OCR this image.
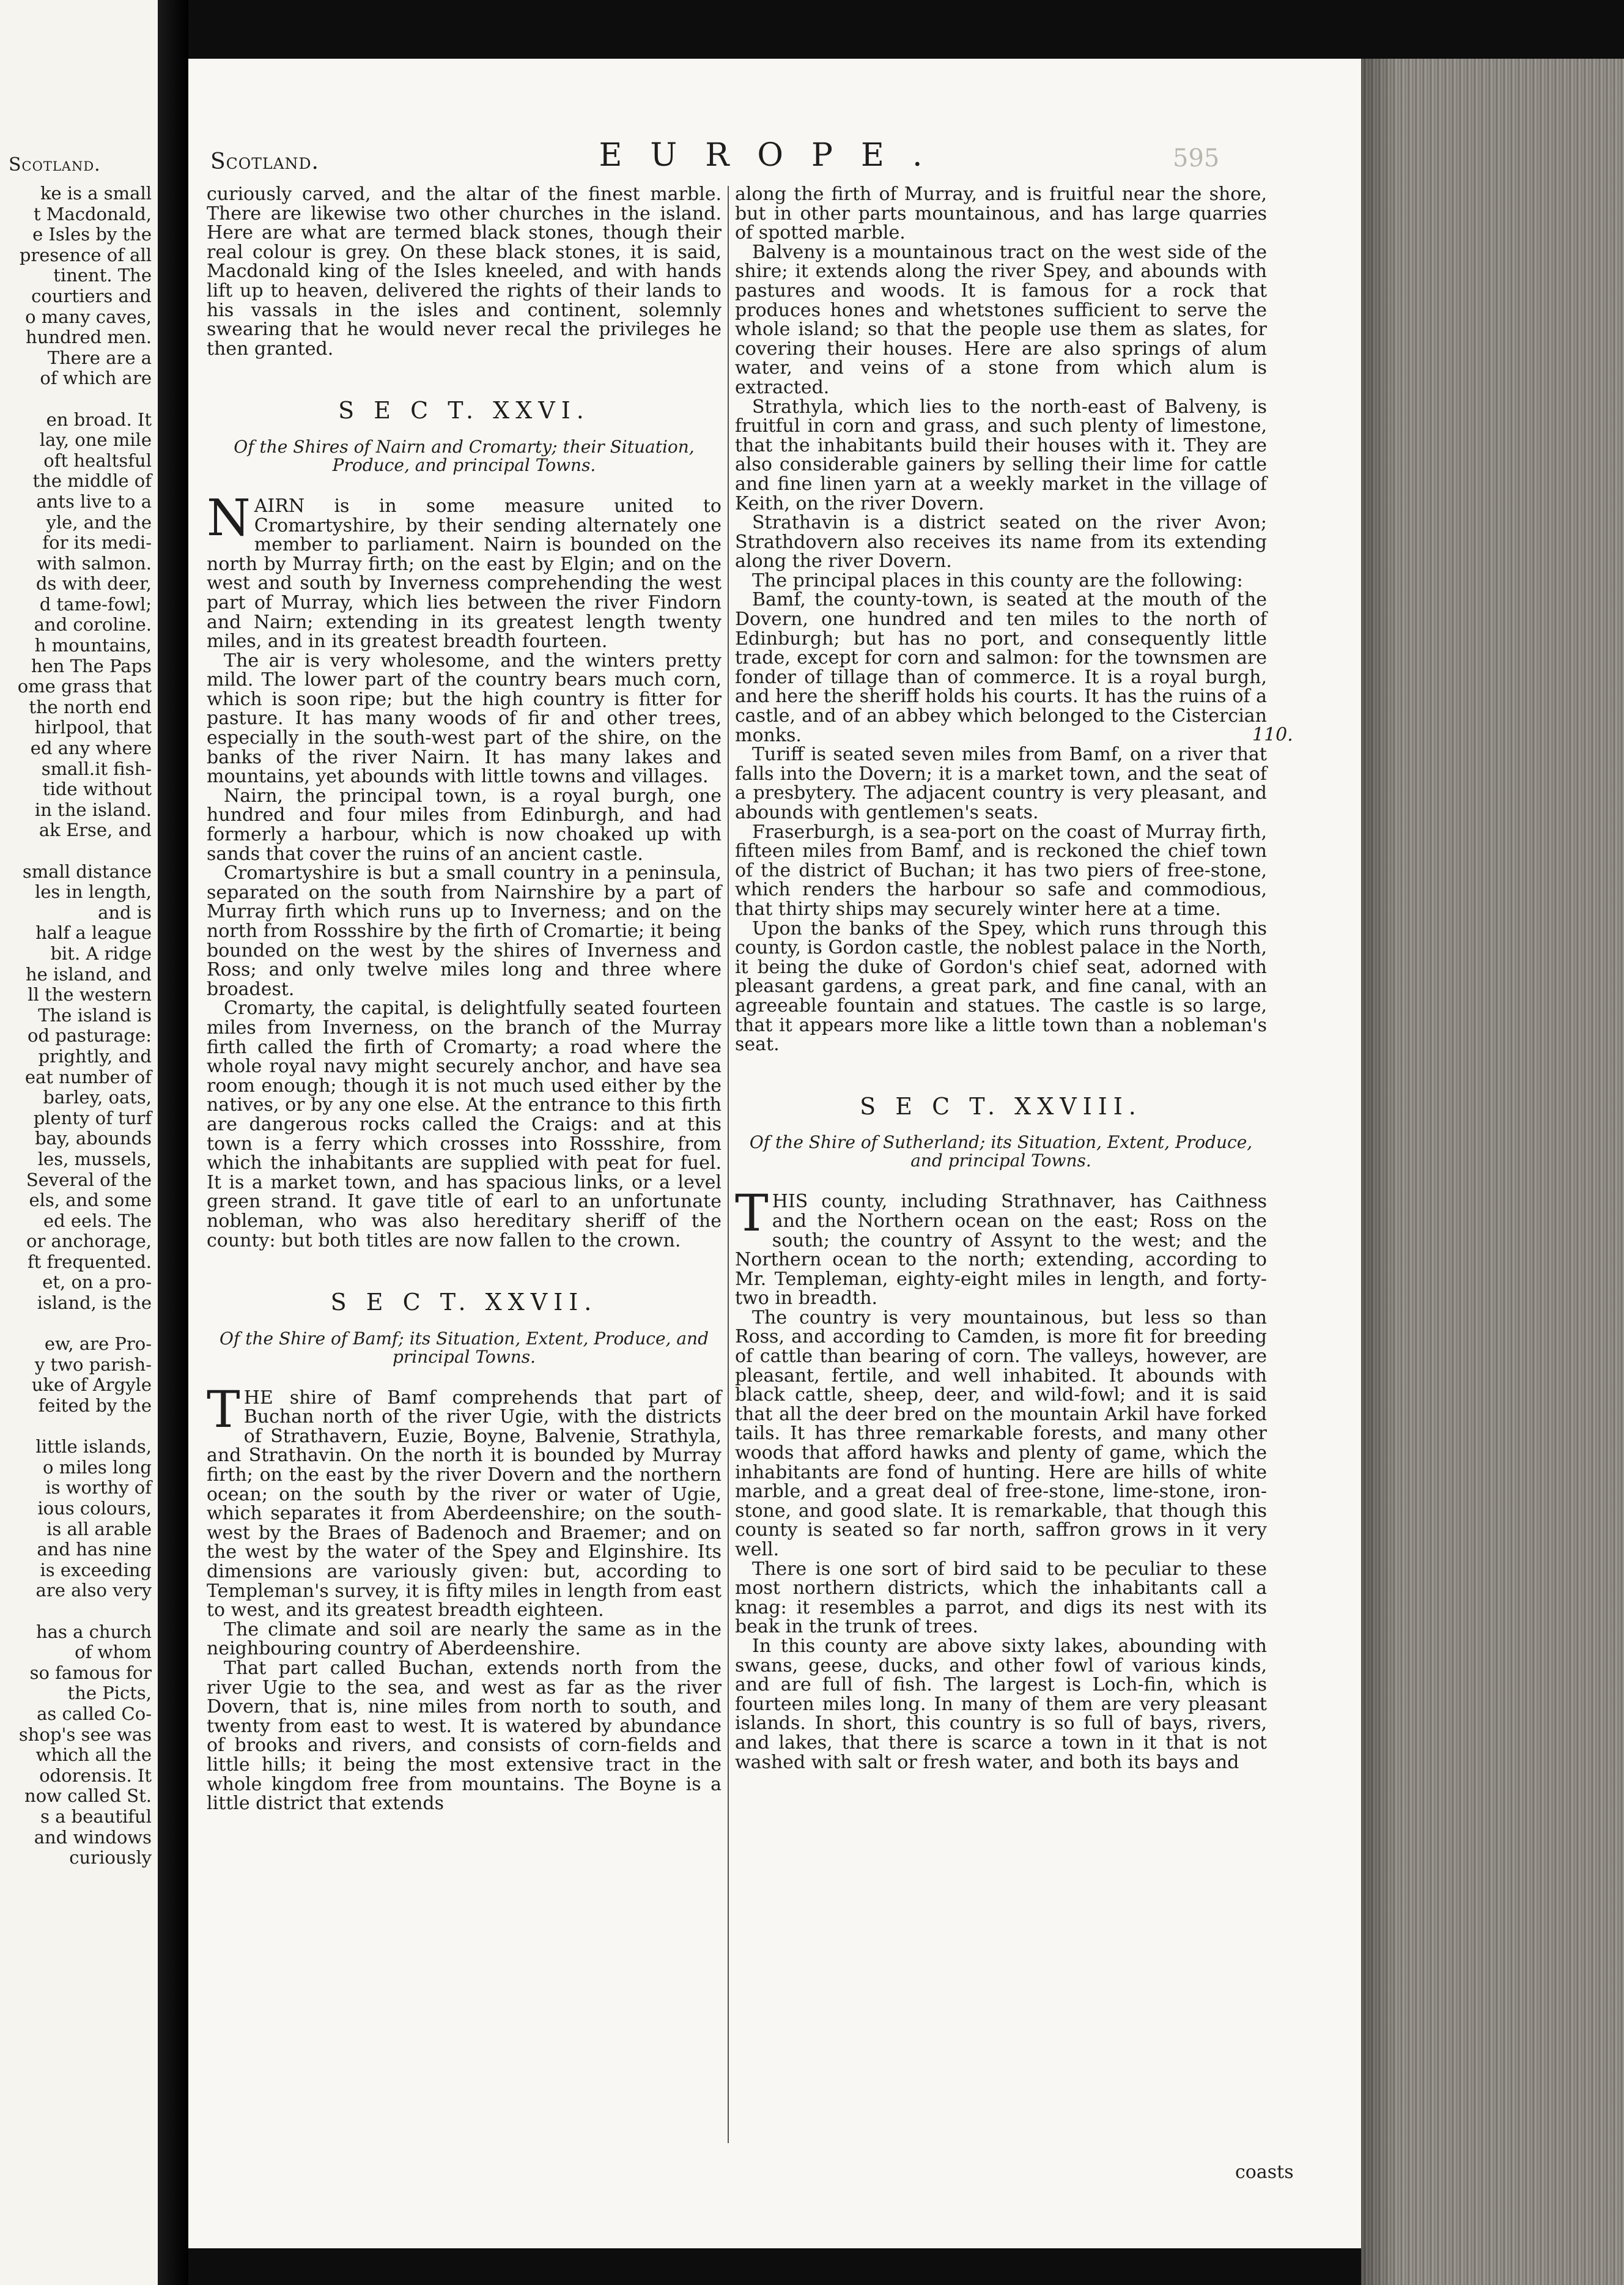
Scotland.
ke is a small
t Macdonald,
e Isles by the
presence of all
tinent. The
courtiers and
o many caves,
hundred men.
There are a
of which are
en broad. It
lay, one mile
oft healtsful
the middle of
ants live to a
yle, and the
for its medi-
with salmon.
ds with deer,
d tame-fowl;
and coroline.
h mountains,
hen The Paps
ome grass that
the north end
hirlpool, that
ed any where
small.it fish-
tide without
in the island.
ak Erse, and
small distance
les in length,
and is
half a league
bit. A ridge
he island, and
ll the western
The island is
od pasturage:
prightly, and
eat number of
barley, oats,
plenty of turf
bay, abounds
les, mussels,
Several of the
els, and some
ed eels. The
or anchorage,
ft frequented.
et, on a pro-
island, is the
ew, are Pro-
y two parish-
uke of Argyle
feited by the
little islands,
o miles long
is worthy of
ious colours,
is all arable
and has nine
is exceeding
are also very
has a church
of whom
so famous for
the Picts,
as called Co-
shop's see was
which all the
odorensis. It
now called St.
s a beautiful
and windows
curiously
Scotland.	EUROPE.	595

curiously carved, and the altar of the finest marble. There are likewise two other churches in the island. Here are what are termed black stones, though their real colour is grey. On these black stones, it is said, Macdonald king of the Isles kneeled, and with hands lift up to heaven, delivered the rights of their lands to his vassals in the isles and continent, solemnly swearing that he would never recal the privileges he then granted.

S E C T. XXVI.
Of the Shires of Nairn and Cromarty; their Situation, Produce, and principal Towns.

NAIRN is in some measure united to Cromartyshire, by their sending alternately one member to parliament. Nairn is bounded on the north by Murray firth; on the east by Elgin; and on the west and south by Inverness comprehending the west part of Murray, which lies between the river Findorn and Nairn; extending in its greatest length twenty miles, and in its greatest breadth fourteen.

The air is very wholesome, and the winters pretty mild. The lower part of the country bears much corn, which is soon ripe; but the high country is fitter for pasture. It has many woods of fir and other trees, especially in the south-west part of the shire, on the banks of the river Nairn. It has many lakes and mountains, yet abounds with little towns and villages.

Nairn, the principal town, is a royal burgh, one hundred and four miles from Edinburgh, and had formerly a harbour, which is now choaked up with sands that cover the ruins of an ancient castle.

Cromartyshire is but a small country in a peninsula, separated on the south from Nairnshire by a part of Murray firth which runs up to Inverness; and on the north from Rossshire by the firth of Cromartie; it being bounded on the west by the shires of Inverness and Ross; and only twelve miles long and three where broadest.

Cromarty, the capital, is delightfully seated fourteen miles from Inverness, on the branch of the Murray firth called the firth of Cromarty; a road where the whole royal navy might securely anchor, and have sea room enough; though it is not much used either by the natives, or by any one else. At the entrance to this firth are dangerous rocks called the Craigs: and at this town is a ferry which crosses into Rossshire, from which the inhabitants are supplied with peat for fuel. It is a market town, and has spacious links, or a level green strand. It gave title of earl to an unfortunate nobleman, who was also hereditary sheriff of the county: but both titles are now fallen to the crown.

S E C T. XXVII.
Of the Shire of Bamf; its Situation, Extent, Produce, and principal Towns.

THE shire of Bamf comprehends that part of Buchan north of the river Ugie, with the districts of Strathavern, Euzie, Boyne, Balvenie, Strathyla, and Strathavin. On the north it is bounded by Murray firth; on the east by the river Dovern and the northern ocean; on the south by the river or water of Ugie, which separates it from Aberdeenshire; on the south-west by the Braes of Badenoch and Braemer; and on the west by the water of the Spey and Elginshire. Its dimensions are variously given: but, according to Templeman's survey, it is fifty miles in length from east to west, and its greatest breadth eighteen.

The climate and soil are nearly the same as in the neighbouring country of Aberdeenshire.

That part called Buchan, extends north from the river Ugie to the sea, and west as far as the river Dovern, that is, nine miles from north to south, and twenty from east to west. It is watered by abundance of brooks and rivers, and consists of corn-fields and little hills; it being the most extensive tract in the whole kingdom free from mountains. The Boyne is a little district that extends

along the firth of Murray, and is fruitful near the shore, but in other parts mountainous, and has large quarries of spotted marble.

Balveny is a mountainous tract on the west side of the shire; it extends along the river Spey, and abounds with pastures and woods. It is famous for a rock that produces hones and whetstones sufficient to serve the whole island; so that the people use them as slates, for covering their houses. Here are also springs of alum water, and veins of a stone from which alum is extracted.

Strathyla, which lies to the north-east of Balveny, is fruitful in corn and grass, and such plenty of limestone, that the inhabitants build their houses with it. They are also considerable gainers by selling their lime for cattle and fine linen yarn at a weekly market in the village of Keith, on the river Dovern.

Strathavin is a district seated on the river Avon; Strathdovern also receives its name from its extending along the river Dovern.

The principal places in this county are the following:

Bamf, the county-town, is seated at the mouth of the Dovern, one hundred and ten miles to the north of Edinburgh; but has no port, and consequently little trade, except for corn and salmon: for the townsmen are fonder of tillage than of commerce. It is a royal burgh, and here the sheriff holds his courts. It has the ruins of a castle, and of an abbey which belonged to the Cistercian monks.

Turiff is seated seven miles from Bamf, on a river that falls into the Dovern; it is a market town, and the seat of a presbytery. The adjacent country is very pleasant, and abounds with gentlemen's seats.

Fraserburgh, is a sea-port on the coast of Murray firth, fifteen miles from Bamf, and is reckoned the chief town of the district of Buchan; it has two piers of free-stone, which renders the harbour so safe and commodious, that thirty ships may securely winter here at a time.

Upon the banks of the Spey, which runs through this county, is Gordon castle, the noblest palace in the North, it being the duke of Gordon's chief seat, adorned with pleasant gardens, a great park, and fine canal, with an agreeable fountain and statues. The castle is so large, that it appears more like a little town than a nobleman's seat.

S E C T. XXVIII.
Of the Shire of Sutherland; its Situation, Extent, Produce, and principal Towns.

THIS county, including Strathnaver, has Caithness and the Northern ocean on the east; Ross on the south; the country of Assynt to the west; and the Northern ocean to the north; extending, according to Mr. Templeman, eighty-eight miles in length, and forty-two in breadth.

The country is very mountainous, but less so than Ross, and according to Camden, is more fit for breeding of cattle than bearing of corn. The valleys, however, are pleasant, fertile, and well inhabited. It abounds with black cattle, sheep, deer, and wild-fowl; and it is said that all the deer bred on the mountain Arkil have forked tails. It has three remarkable forests, and many other woods that afford hawks and plenty of game, which the inhabitants are fond of hunting. Here are hills of white marble, and a great deal of free-stone, lime-stone, iron-stone, and good slate. It is remarkable, that though this county is seated so far north, saffron grows in it very well.

There is one sort of bird said to be peculiar to these most northern districts, which the inhabitants call a knag: it resembles a parrot, and digs its nest with its beak in the trunk of trees.

In this county are above sixty lakes, abounding with swans, geese, ducks, and other fowl of various kinds, and are full of fish. The largest is Loch-fin, which is fourteen miles long. In many of them are very pleasant islands. In short, this country is so full of bays, rivers, and lakes, that there is scarce a town in it that is not washed with salt or fresh water, and both its bays and

110.
coasts
